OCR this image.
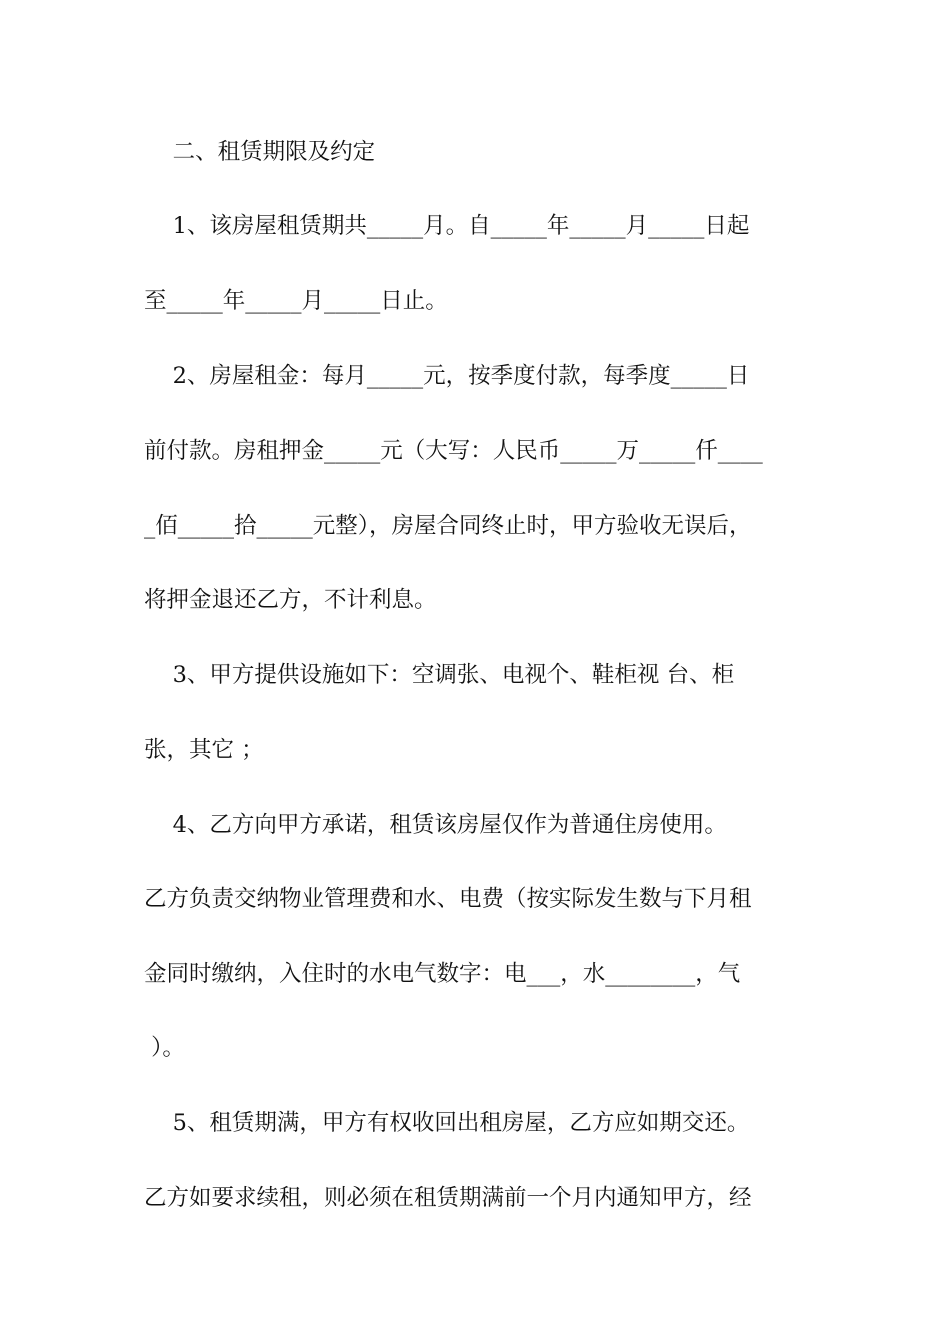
二、租赁期限及约定
1、该房屋租赁期共_____月。自_____年_____月_____日起
至_____年_____月_____日止。
2、房屋租金：每月_____元，按季度付款，每季度_____日
前付款。房租押金_____元（大写：人民币_____万_____仟____
_佰_____拾_____元整），房屋合同终止时，甲方验收无误后，
将押金退还乙方，不计利息。
3、甲方提供设施如下：空调张、电视个、鞋柜视 台、柜
张，其它 ；
4、乙方向甲方承诺，租赁该房屋仅作为普通住房使用。
乙方负责交纳物业管理费和水、电费（按实际发生数与下月租
金同时缴纳，入住时的水电气数字：电___，水________，气
）。
5、租赁期满，甲方有权收回出租房屋，乙方应如期交还。
乙方如要求续租，则必须在租赁期满前一个月内通知甲方，经
